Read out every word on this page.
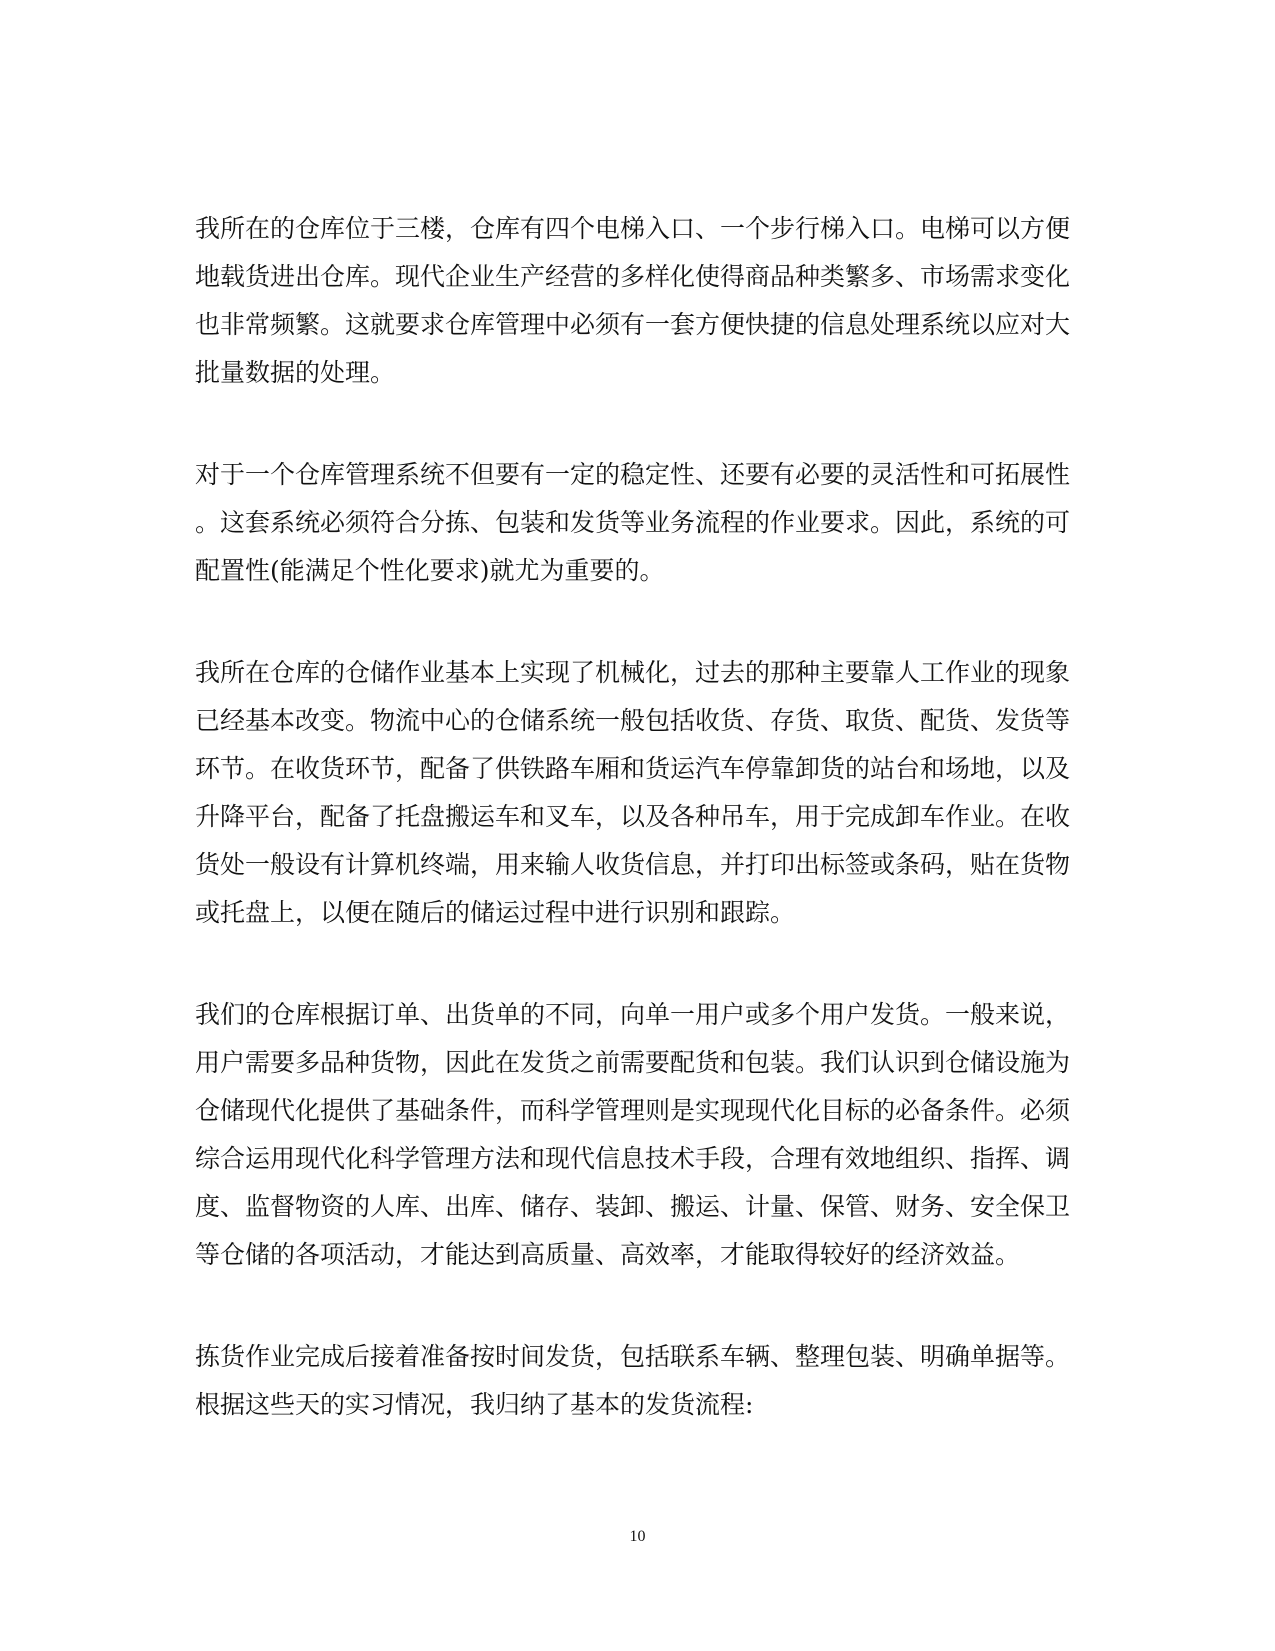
我所在的仓库位于三楼，仓库有四个电梯入口、一个步行梯入口。电梯可以方便
地载货进出仓库。现代企业生产经营的多样化使得商品种类繁多、市场需求变化
也非常频繁。这就要求仓库管理中必须有一套方便快捷的信息处理系统以应对大
批量数据的处理。

对于一个仓库管理系统不但要有一定的稳定性、还要有必要的灵活性和可拓展性
。这套系统必须符合分拣、包装和发货等业务流程的作业要求。因此，系统的可
配置性(能满足个性化要求)就尤为重要的。

我所在仓库的仓储作业基本上实现了机械化，过去的那种主要靠人工作业的现象
已经基本改变。物流中心的仓储系统一般包括收货、存货、取货、配货、发货等
环节。在收货环节，配备了供铁路车厢和货运汽车停靠卸货的站台和场地，以及
升降平台，配备了托盘搬运车和叉车，以及各种吊车，用于完成卸车作业。在收
货处一般设有计算机终端，用来输人收货信息，并打印出标签或条码，贴在货物
或托盘上，以便在随后的储运过程中进行识别和跟踪。

我们的仓库根据订单、出货单的不同，向单一用户或多个用户发货。一般来说，
用户需要多品种货物，因此在发货之前需要配货和包装。我们认识到仓储设施为
仓储现代化提供了基础条件，而科学管理则是实现现代化目标的必备条件。必须
综合运用现代化科学管理方法和现代信息技术手段，合理有效地组织、指挥、调
度、监督物资的人库、出库、储存、装卸、搬运、计量、保管、财务、安全保卫
等仓储的各项活动，才能达到高质量、高效率，才能取得较好的经济效益。

拣货作业完成后接着准备按时间发货，包括联系车辆、整理包装、明确单据等。
根据这些天的实习情况，我归纳了基本的发货流程:

10
